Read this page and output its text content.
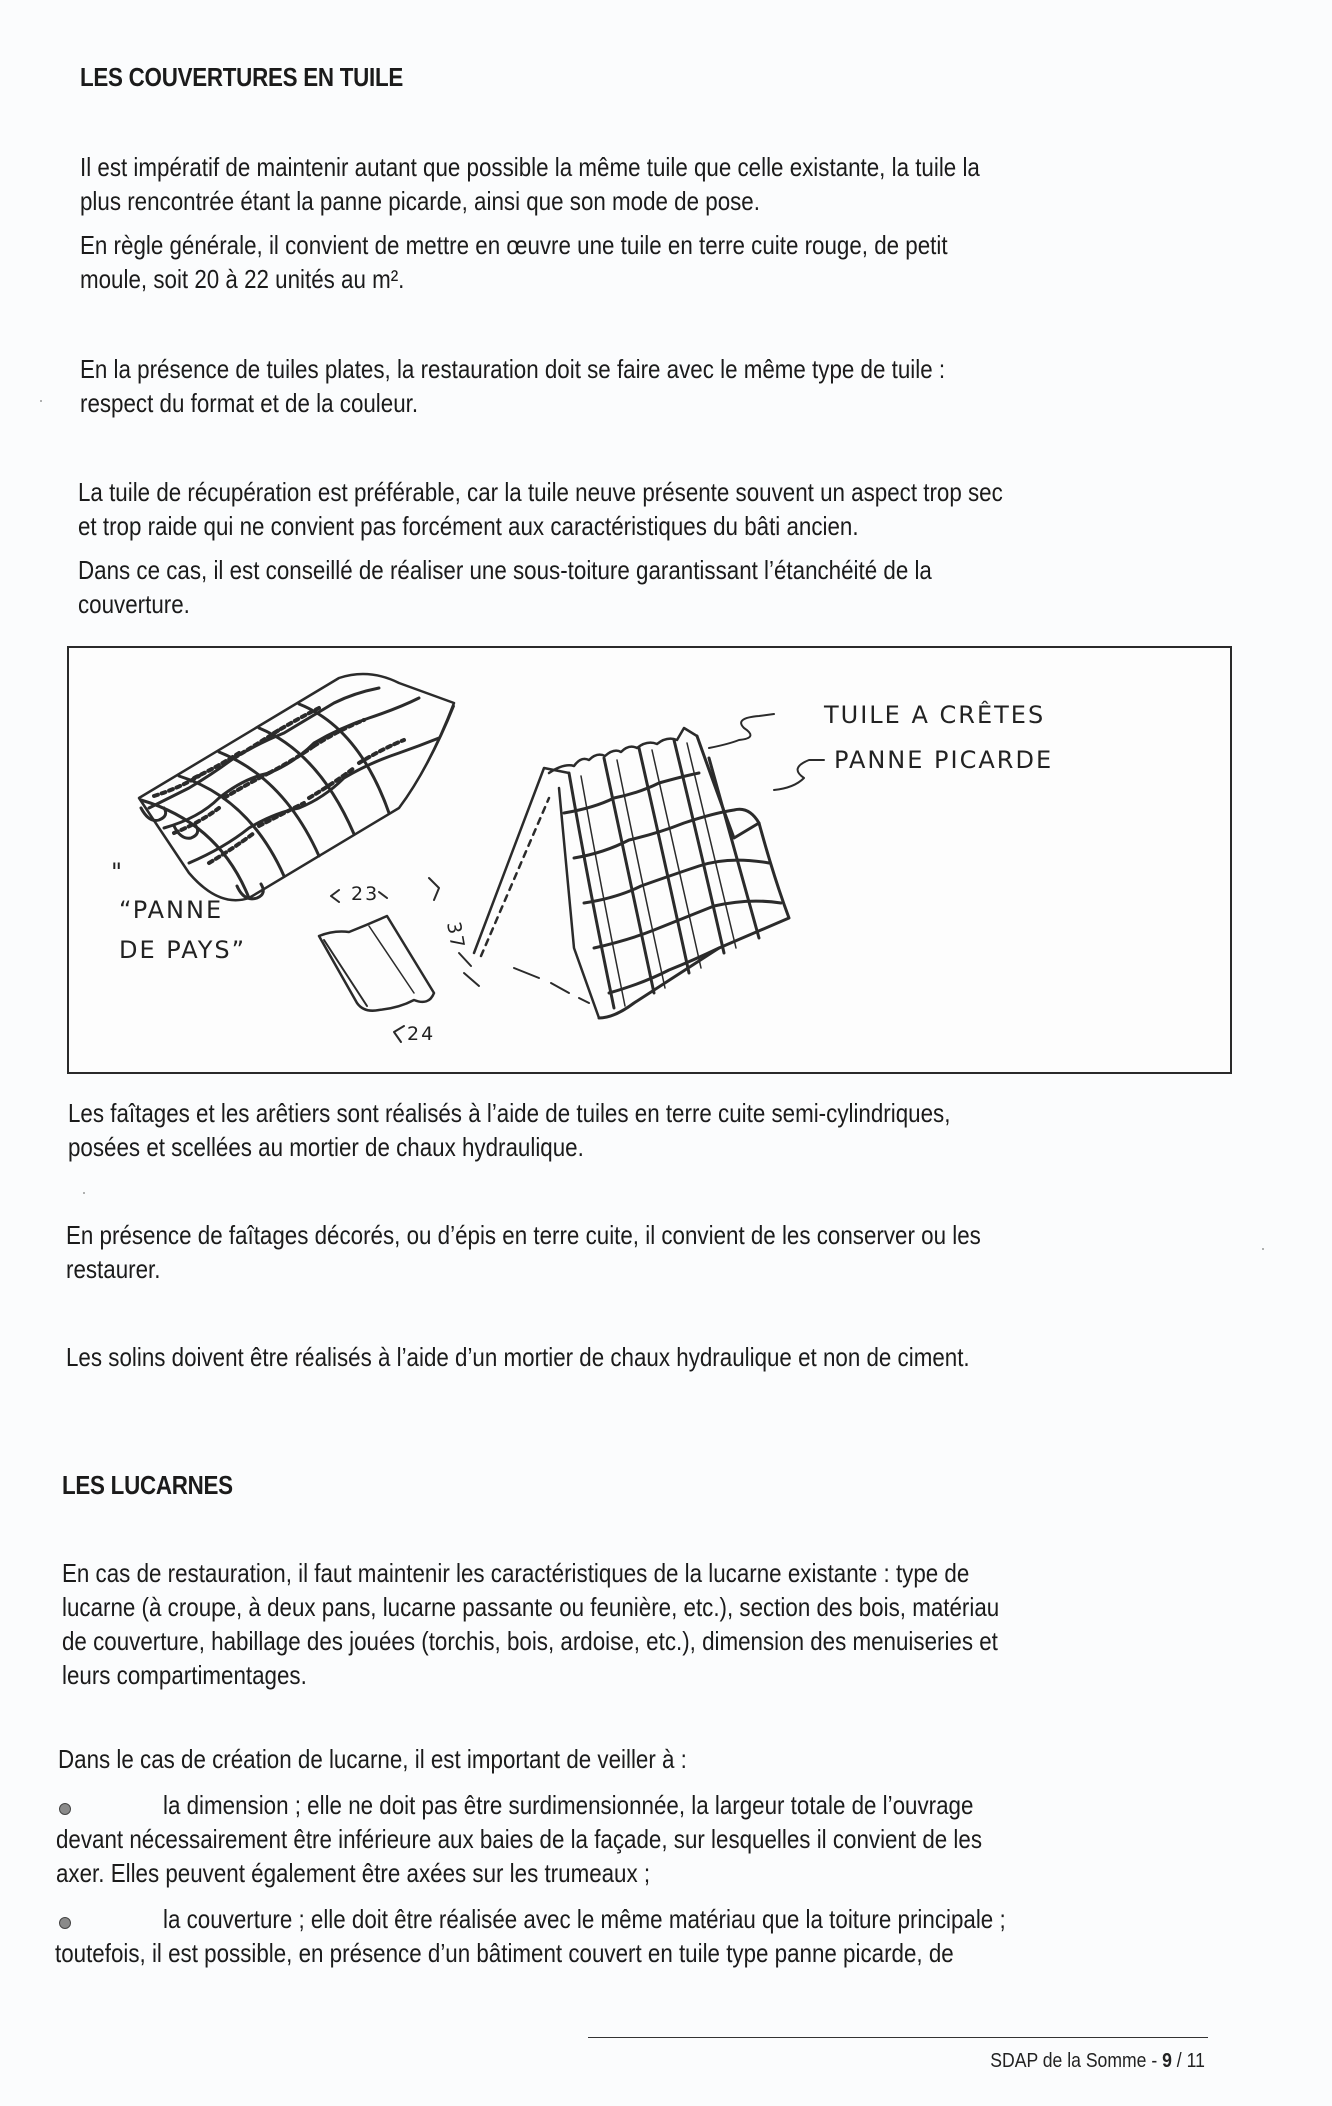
LES COUVERTURES EN TUILE
Il est impératif de maintenir autant que possible la même tuile que celle existante, la tuile la
plus rencontrée étant la panne picarde, ainsi que son mode de pose.
En règle générale, il convient de mettre en œuvre une tuile en terre cuite rouge, de petit
moule, soit 20 à 22 unités au m².
En la présence de tuiles plates, la restauration doit se faire avec le même type de tuile :
respect du format et de la couleur.
La tuile de récupération est préférable, car la tuile neuve présente souvent un aspect trop sec
et trop raide qui ne convient pas forcément aux caractéristiques du bâti ancien.
Dans ce cas, il est conseillé de réaliser une sous-toiture garantissant l’étanchéité de la
couverture.
"
“PANNE
DE PAYS”
23
37
24
TUILE A CRÊTES
PANNE PICARDE
Les faîtages et les arêtiers sont réalisés à l’aide de tuiles en terre cuite semi-cylindriques,
posées et scellées au mortier de chaux hydraulique.
En présence de faîtages décorés, ou d’épis en terre cuite, il convient de les conserver ou les
restaurer.
Les solins doivent être réalisés à l’aide d’un mortier de chaux hydraulique et non de ciment.
LES LUCARNES
En cas de restauration, il faut maintenir les caractéristiques de la lucarne existante : type de
lucarne (à croupe, à deux pans, lucarne passante ou feunière, etc.), section des bois, matériau
de couverture, habillage des jouées (torchis, bois, ardoise, etc.), dimension des menuiseries et
leurs compartimentages.
Dans le cas de création de lucarne, il est important de veiller à :
la dimension ; elle ne doit pas être surdimensionnée, la largeur totale de l’ouvrage
devant nécessairement être inférieure aux baies de la façade, sur lesquelles il convient de les
axer. Elles peuvent également être axées sur les trumeaux ;
la couverture ; elle doit être réalisée avec le même matériau que la toiture principale ;
toutefois, il est possible, en présence d’un bâtiment couvert en tuile type panne picarde, de
SDAP de la Somme - 9 / 11
